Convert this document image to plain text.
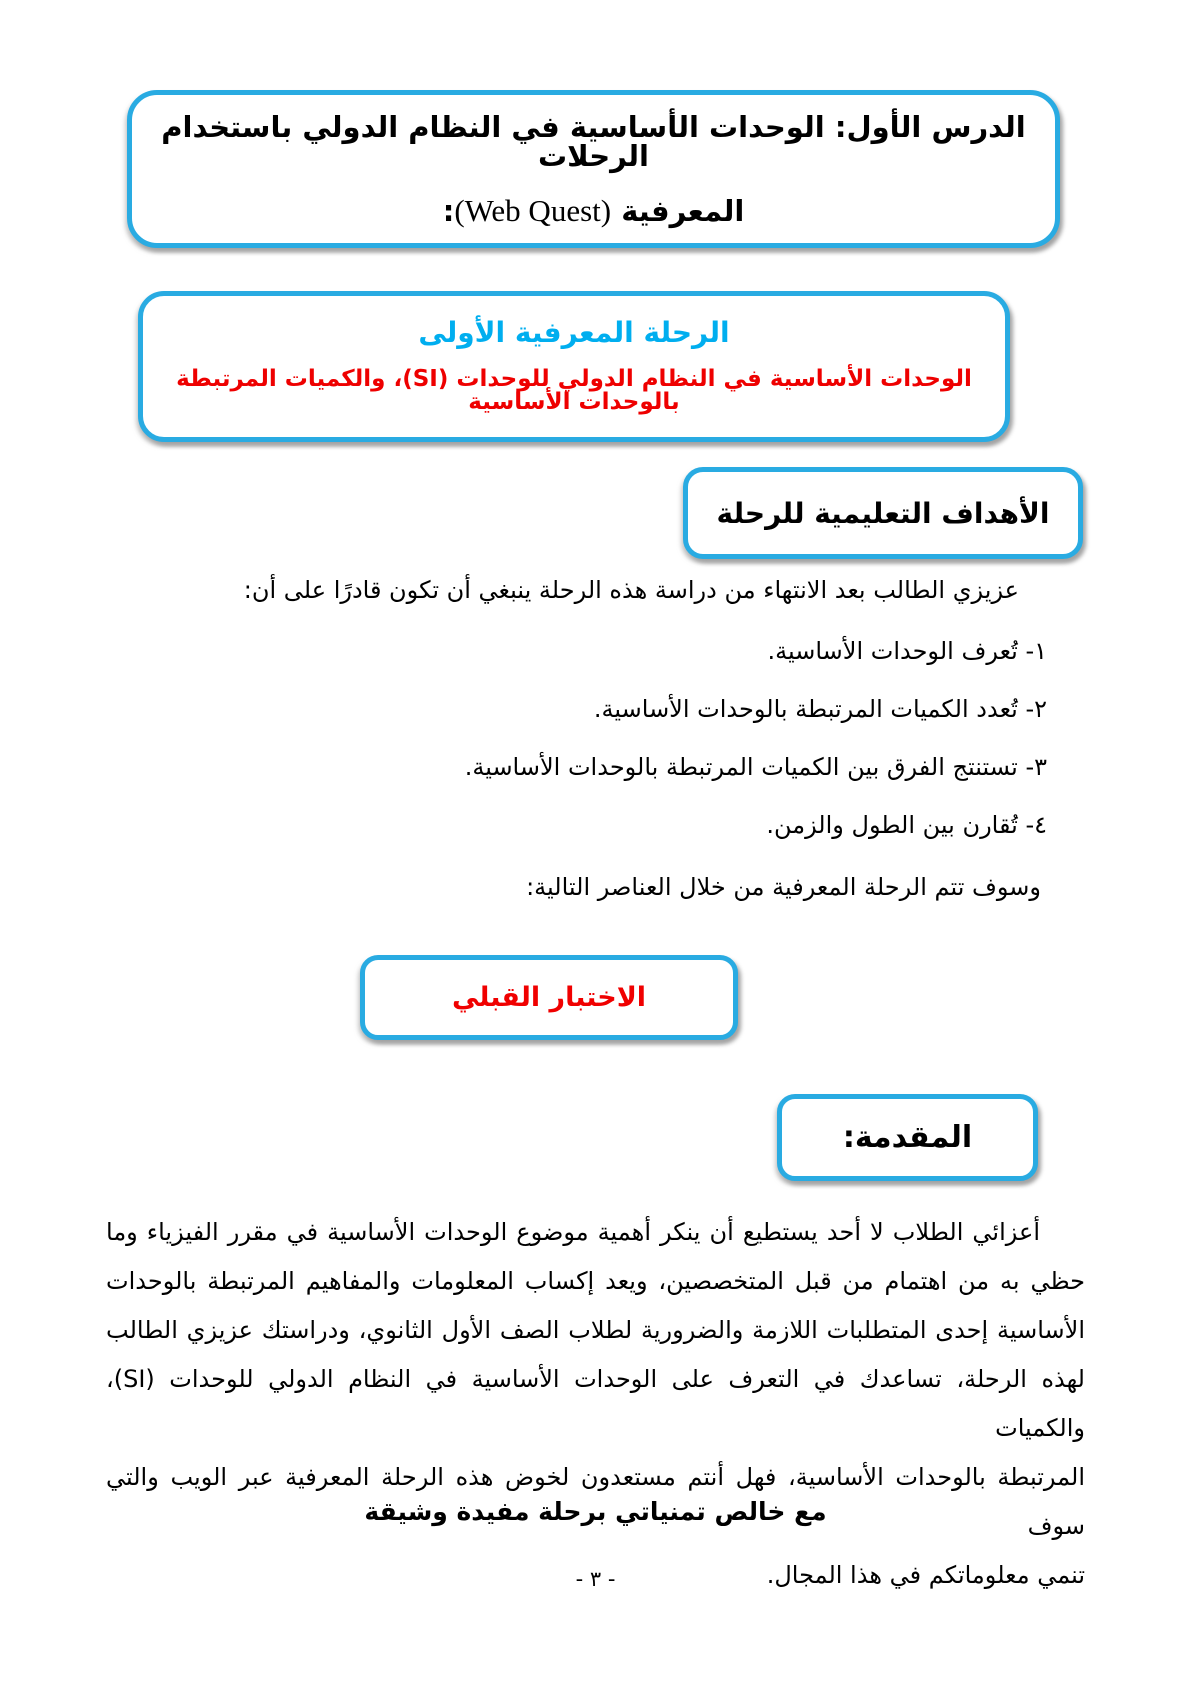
الدرس الأول: الوحدات الأساسية في النظام الدولي باستخدام الرحلات
المعرفية (Web Quest):
الرحلة المعرفية الأولى
الوحدات الأساسية في النظام الدولي للوحدات (SI)، والكميات المرتبطة بالوحدات الأساسية
الأهداف التعليمية للرحلة
عزيزي الطالب بعد الانتهاء من دراسة هذه الرحلة ينبغي أن تكون قادرًا على أن:
١- تُعرف الوحدات الأساسية.
٢- تُعدد الكميات المرتبطة بالوحدات الأساسية.
٣- تستنتج الفرق بين الكميات المرتبطة بالوحدات الأساسية.
٤- تُقارن بين الطول والزمن.
وسوف تتم الرحلة المعرفية من خلال العناصر التالية:
الاختبار القبلي
المقدمة:
أعزائي الطلاب لا أحد يستطيع أن ينكر أهمية موضوع الوحدات الأساسية في مقرر الفيزياء وما
حظي به من اهتمام من قبل المتخصصين، ويعد إكساب المعلومات والمفاهيم المرتبطة بالوحدات
الأساسية إحدى المتطلبات اللازمة والضرورية لطلاب الصف الأول الثانوي، ودراستك عزيزي الطالب
لهذه الرحلة، تساعدك في التعرف على الوحدات الأساسية في النظام الدولي للوحدات (SI)، والكميات
المرتبطة بالوحدات الأساسية، فهل أنتم مستعدون لخوض هذه الرحلة المعرفية عبر الويب والتي سوف
تنمي معلوماتكم في هذا المجال.
مع خالص تمنياتي برحلة مفيدة وشيقة
- ٣ -
